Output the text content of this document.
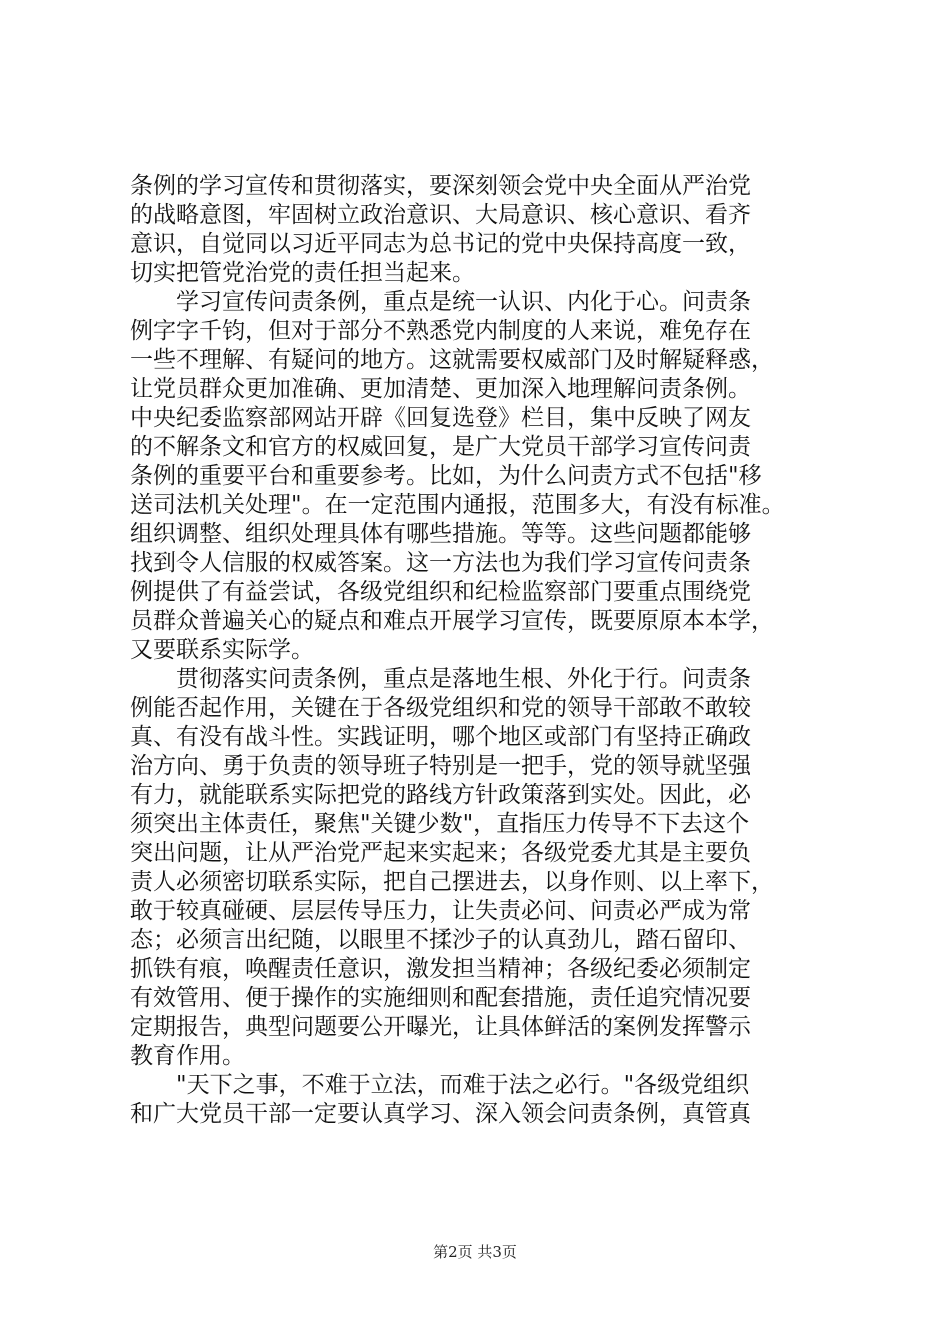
条例的学习宣传和贯彻落实，要深刻领会党中央全面从严治党
的战略意图，牢固树立政治意识、大局意识、核心意识、看齐
意识，自觉同以习近平同志为总书记的党中央保持高度一致，
切实把管党治党的责任担当起来。
　　学习宣传问责条例，重点是统一认识、内化于心。问责条
例字字千钧，但对于部分不熟悉党内制度的人来说，难免存在
一些不理解、有疑问的地方。这就需要权威部门及时解疑释惑，
让党员群众更加准确、更加清楚、更加深入地理解问责条例。
中央纪委监察部网站开辟《回复选登》栏目，集中反映了网友
的不解条文和官方的权威回复，是广大党员干部学习宣传问责
条例的重要平台和重要参考。比如，为什么问责方式不包括"移
送司法机关处理"。在一定范围内通报，范围多大，有没有标准。
组织调整、组织处理具体有哪些措施。等等。这些问题都能够
找到令人信服的权威答案。这一方法也为我们学习宣传问责条
例提供了有益尝试，各级党组织和纪检监察部门要重点围绕党
员群众普遍关心的疑点和难点开展学习宣传，既要原原本本学，
又要联系实际学。
　　贯彻落实问责条例，重点是落地生根、外化于行。问责条
例能否起作用，关键在于各级党组织和党的领导干部敢不敢较
真、有没有战斗性。实践证明，哪个地区或部门有坚持正确政
治方向、勇于负责的领导班子特别是一把手，党的领导就坚强
有力，就能联系实际把党的路线方针政策落到实处。因此，必
须突出主体责任，聚焦"关键少数"，直指压力传导不下去这个
突出问题，让从严治党严起来实起来；各级党委尤其是主要负
责人必须密切联系实际，把自己摆进去，以身作则、以上率下，
敢于较真碰硬、层层传导压力，让失责必问、问责必严成为常
态；必须言出纪随，以眼里不揉沙子的认真劲儿，踏石留印、
抓铁有痕，唤醒责任意识，激发担当精神；各级纪委必须制定
有效管用、便于操作的实施细则和配套措施，责任追究情况要
定期报告，典型问题要公开曝光，让具体鲜活的案例发挥警示
教育作用。
　　"天下之事，不难于立法，而难于法之必行。"各级党组织
和广大党员干部一定要认真学习、深入领会问责条例，真管真
第2页 共3页
